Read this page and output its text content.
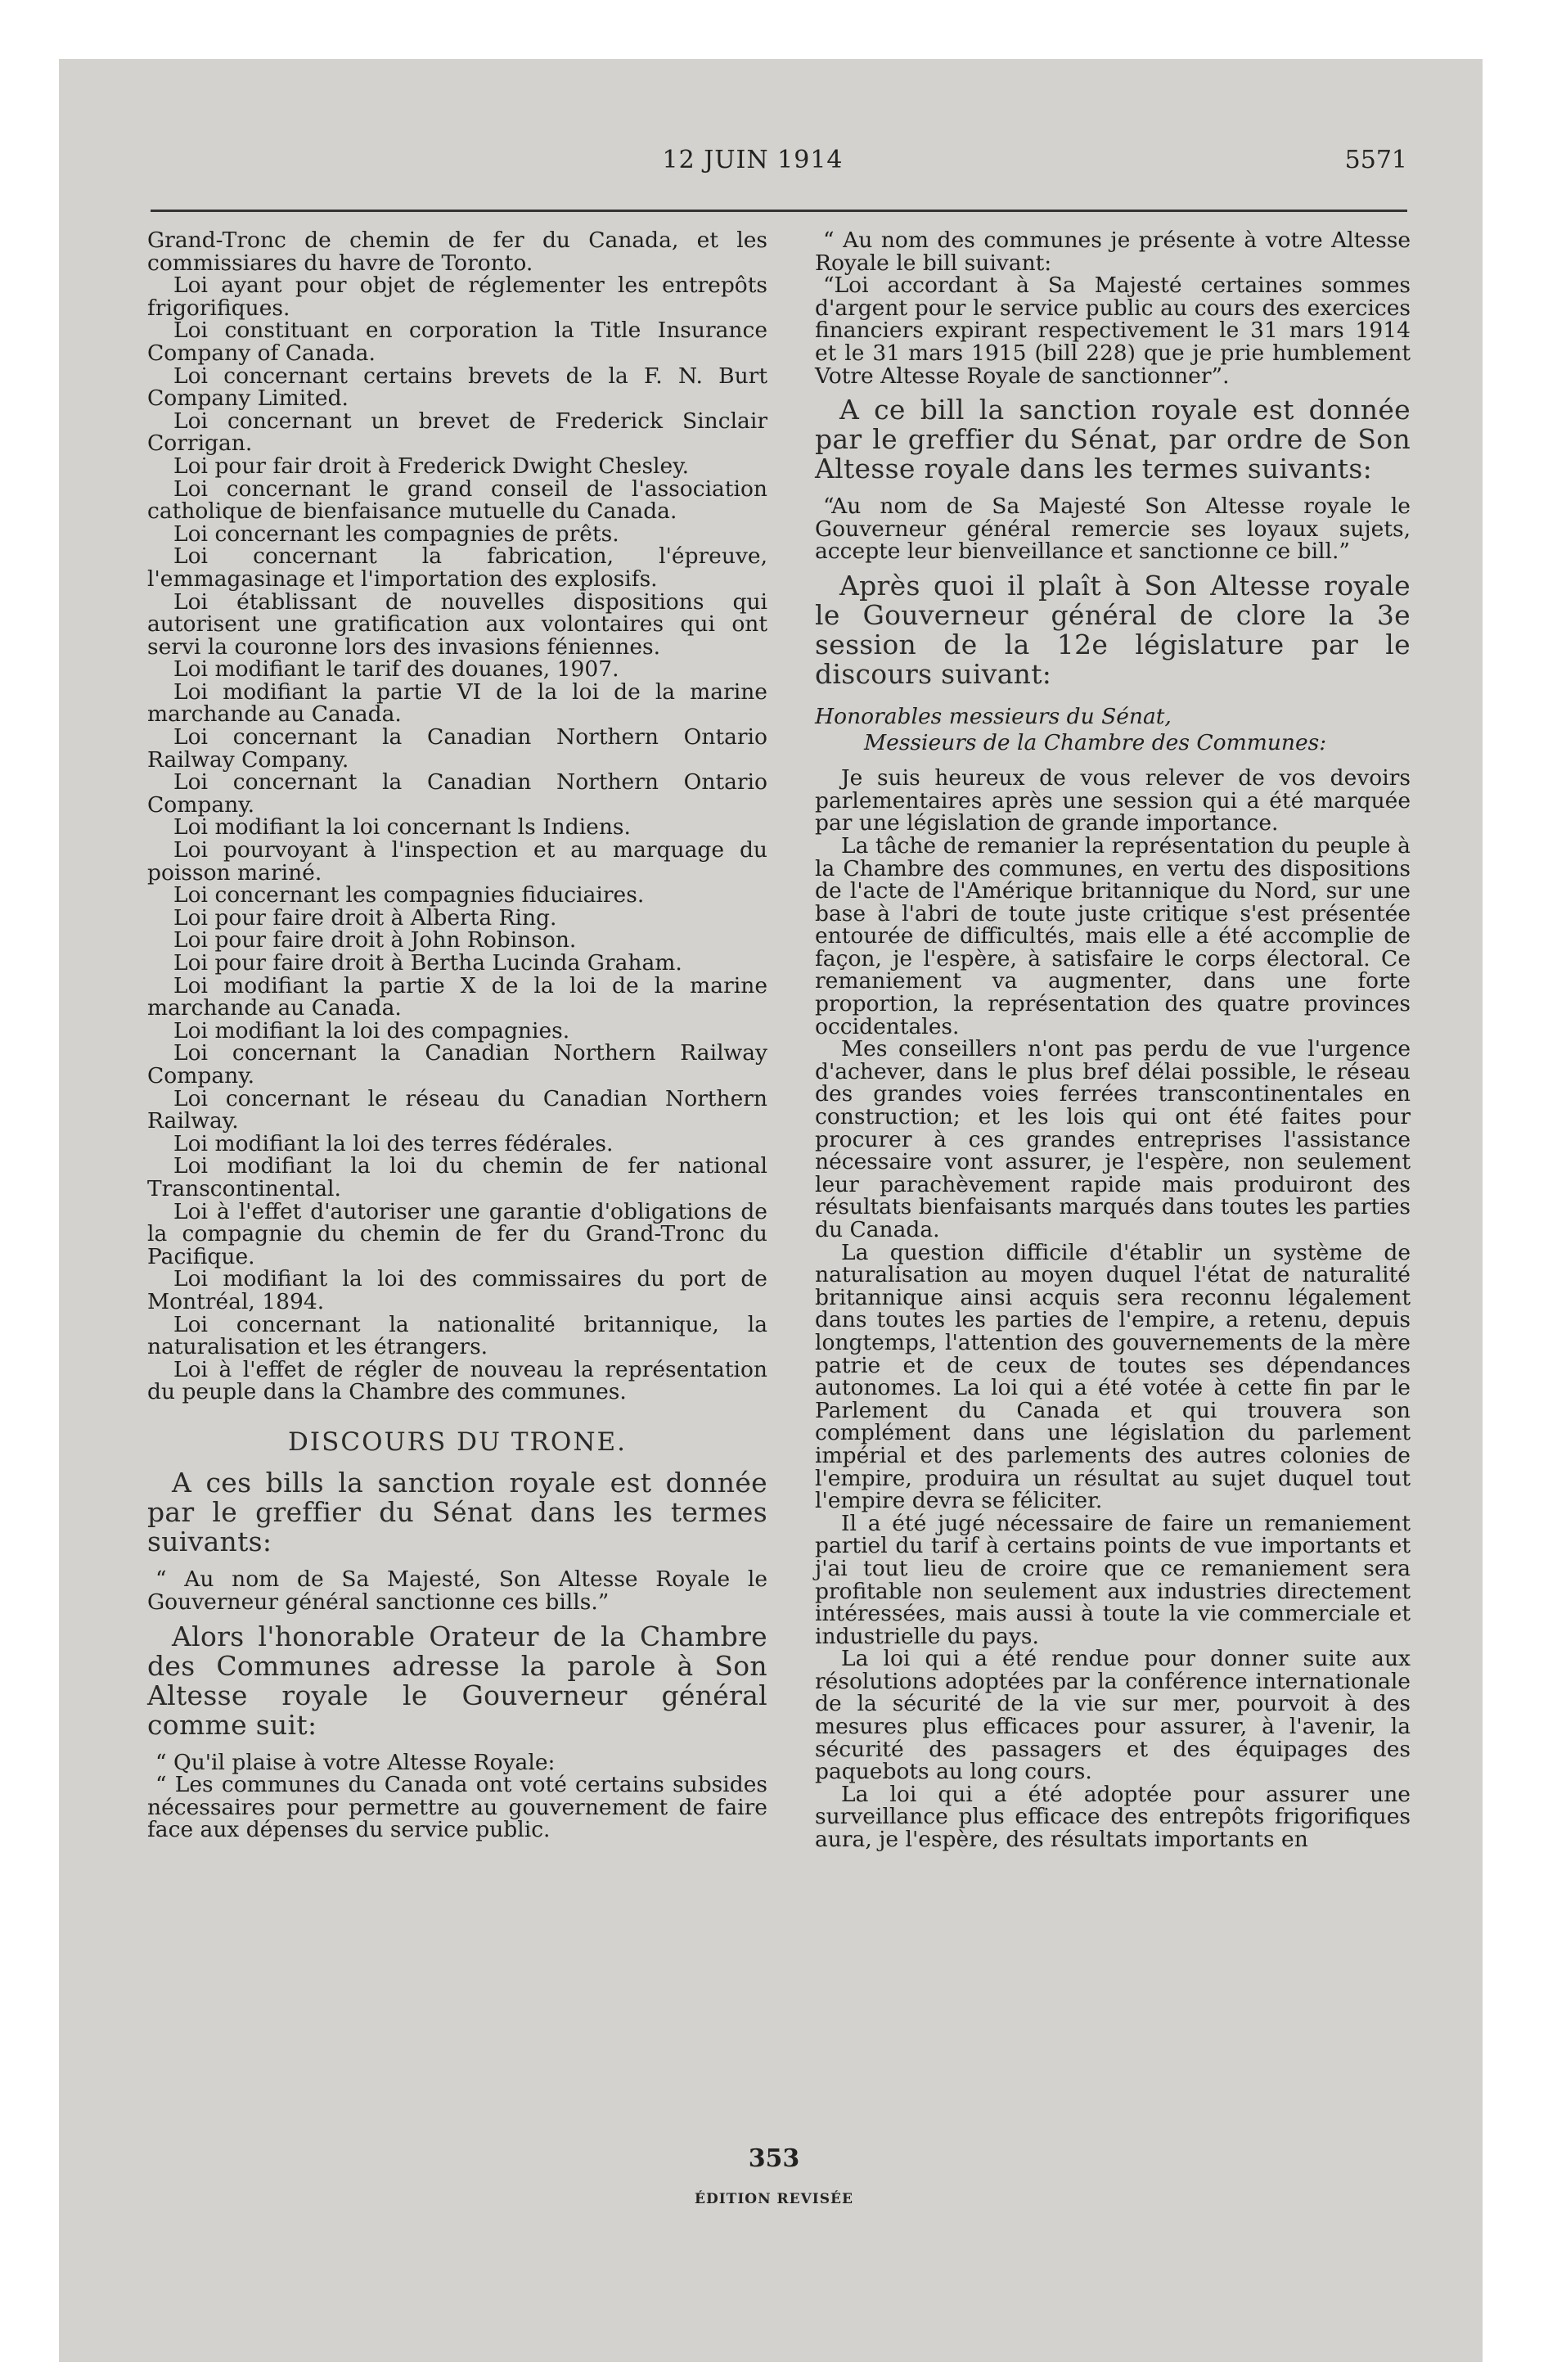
12 JUIN 1914	5571

Grand-Tronc de chemin de fer du Canada, et les commissiares du havre de Toronto.

Loi ayant pour objet de réglementer les entrepôts frigorifiques.

Loi constituant en corporation la Title Insurance Company of Canada.

Loi concernant certains brevets de la F. N. Burt Company Limited.

Loi concernant un brevet de Frederick Sinclair Corrigan.

Loi pour fair droit à Frederick Dwight Chesley.

Loi concernant le grand conseil de l'association catholique de bienfaisance mutuelle du Canada.

Loi concernant les compagnies de prêts.

Loi concernant la fabrication, l'épreuve, l'emmagasinage et l'importation des explosifs.

Loi établissant de nouvelles dispositions qui autorisent une gratification aux volontaires qui ont servi la couronne lors des invasions féniennes.

Loi modifiant le tarif des douanes, 1907.

Loi modifiant la partie VI de la loi de la marine marchande au Canada.

Loi concernant la Canadian Northern Ontario Railway Company.

Loi concernant la Canadian Northern Ontario Company.

Loi modifiant la loi concernant ls Indiens.

Loi pourvoyant à l'inspection et au marquage du poisson mariné.

Loi concernant les compagnies fiduciaires.

Loi pour faire droit à Alberta Ring.

Loi pour faire droit à John Robinson.

Loi pour faire droit à Bertha Lucinda Graham.

Loi modifiant la partie X de la loi de la marine marchande au Canada.

Loi modifiant la loi des compagnies.

Loi concernant la Canadian Northern Railway Company.

Loi concernant le réseau du Canadian Northern Railway.

Loi modifiant la loi des terres fédérales.

Loi modifiant la loi du chemin de fer national Transcontinental.

Loi à l'effet d'autoriser une garantie d'obligations de la compagnie du chemin de fer du Grand-Tronc du Pacifique.

Loi modifiant la loi des commissaires du port de Montréal, 1894.

Loi concernant la nationalité britannique, la naturalisation et les étrangers.

Loi à l'effet de régler de nouveau la représentation du peuple dans la Chambre des communes.

DISCOURS DU TRONE.

A ces bills la sanction royale est donnée par le greffier du Sénat dans les termes suivants:

“ Au nom de Sa Majesté, Son Altesse Royale le Gouverneur général sanctionne ces bills.”

Alors l'honorable Orateur de la Chambre des Communes adresse la parole à Son Altesse royale le Gouverneur général comme suit:

“ Qu'il plaise à votre Altesse Royale:

“ Les communes du Canada ont voté certains subsides nécessaires pour permettre au gouvernement de faire face aux dépenses du service public.

“ Au nom des communes je présente à votre Altesse Royale le bill suivant:

“Loi accordant à Sa Majesté certaines sommes d'argent pour le service public au cours des exercices financiers expirant respectivement le 31 mars 1914 et le 31 mars 1915 (bill 228) que je prie humblement Votre Altesse Royale de sanctionner”.

A ce bill la sanction royale est donnée par le greffier du Sénat, par ordre de Son Altesse royale dans les termes suivants:

“Au nom de Sa Majesté Son Altesse royale le Gouverneur général remercie ses loyaux sujets, accepte leur bienveillance et sanctionne ce bill.”

Après quoi il plaît à Son Altesse royale le Gouverneur général de clore la 3e session de la 12e législature par le discours suivant:

Honorables messieurs du Sénat,

Messieurs de la Chambre des Communes:

Je suis heureux de vous relever de vos devoirs parlementaires après une session qui a été marquée par une législation de grande importance.

La tâche de remanier la représentation du peuple à la Chambre des communes, en vertu des dispositions de l'acte de l'Amérique britannique du Nord, sur une base à l'abri de toute juste critique s'est présentée entourée de difficultés, mais elle a été accomplie de façon, je l'espère, à satisfaire le corps électoral. Ce remaniement va augmenter, dans une forte proportion, la représentation des quatre provinces occidentales.

Mes conseillers n'ont pas perdu de vue l'urgence d'achever, dans le plus bref délai possible, le réseau des grandes voies ferrées transcontinentales en construction; et les lois qui ont été faites pour procurer à ces grandes entreprises l'assistance nécessaire vont assurer, je l'espère, non seulement leur parachèvement rapide mais produiront des résultats bienfaisants marqués dans toutes les parties du Canada.

La question difficile d'établir un système de naturalisation au moyen duquel l'état de naturalité britannique ainsi acquis sera reconnu légalement dans toutes les parties de l'empire, a retenu, depuis longtemps, l'attention des gouvernements de la mère patrie et de ceux de toutes ses dépendances autonomes. La loi qui a été votée à cette fin par le Parlement du Canada et qui trouvera son complément dans une législation du parlement impérial et des parlements des autres colonies de l'empire, produira un résultat au sujet duquel tout l'empire devra se féliciter.

Il a été jugé nécessaire de faire un remaniement partiel du tarif à certains points de vue importants et j'ai tout lieu de croire que ce remaniement sera profitable non seulement aux industries directement intéressées, mais aussi à toute la vie commerciale et industrielle du pays.

La loi qui a été rendue pour donner suite aux résolutions adoptées par la conférence internationale de la sécurité de la vie sur mer, pourvoit à des mesures plus efficaces pour assurer, à l'avenir, la sécurité des passagers et des équipages des paquebots au long cours.

La loi qui a été adoptée pour assurer une surveillance plus efficace des entrepôts frigorifiques aura, je l'espère, des résultats importants en

353
ÉDITION REVISÉE
